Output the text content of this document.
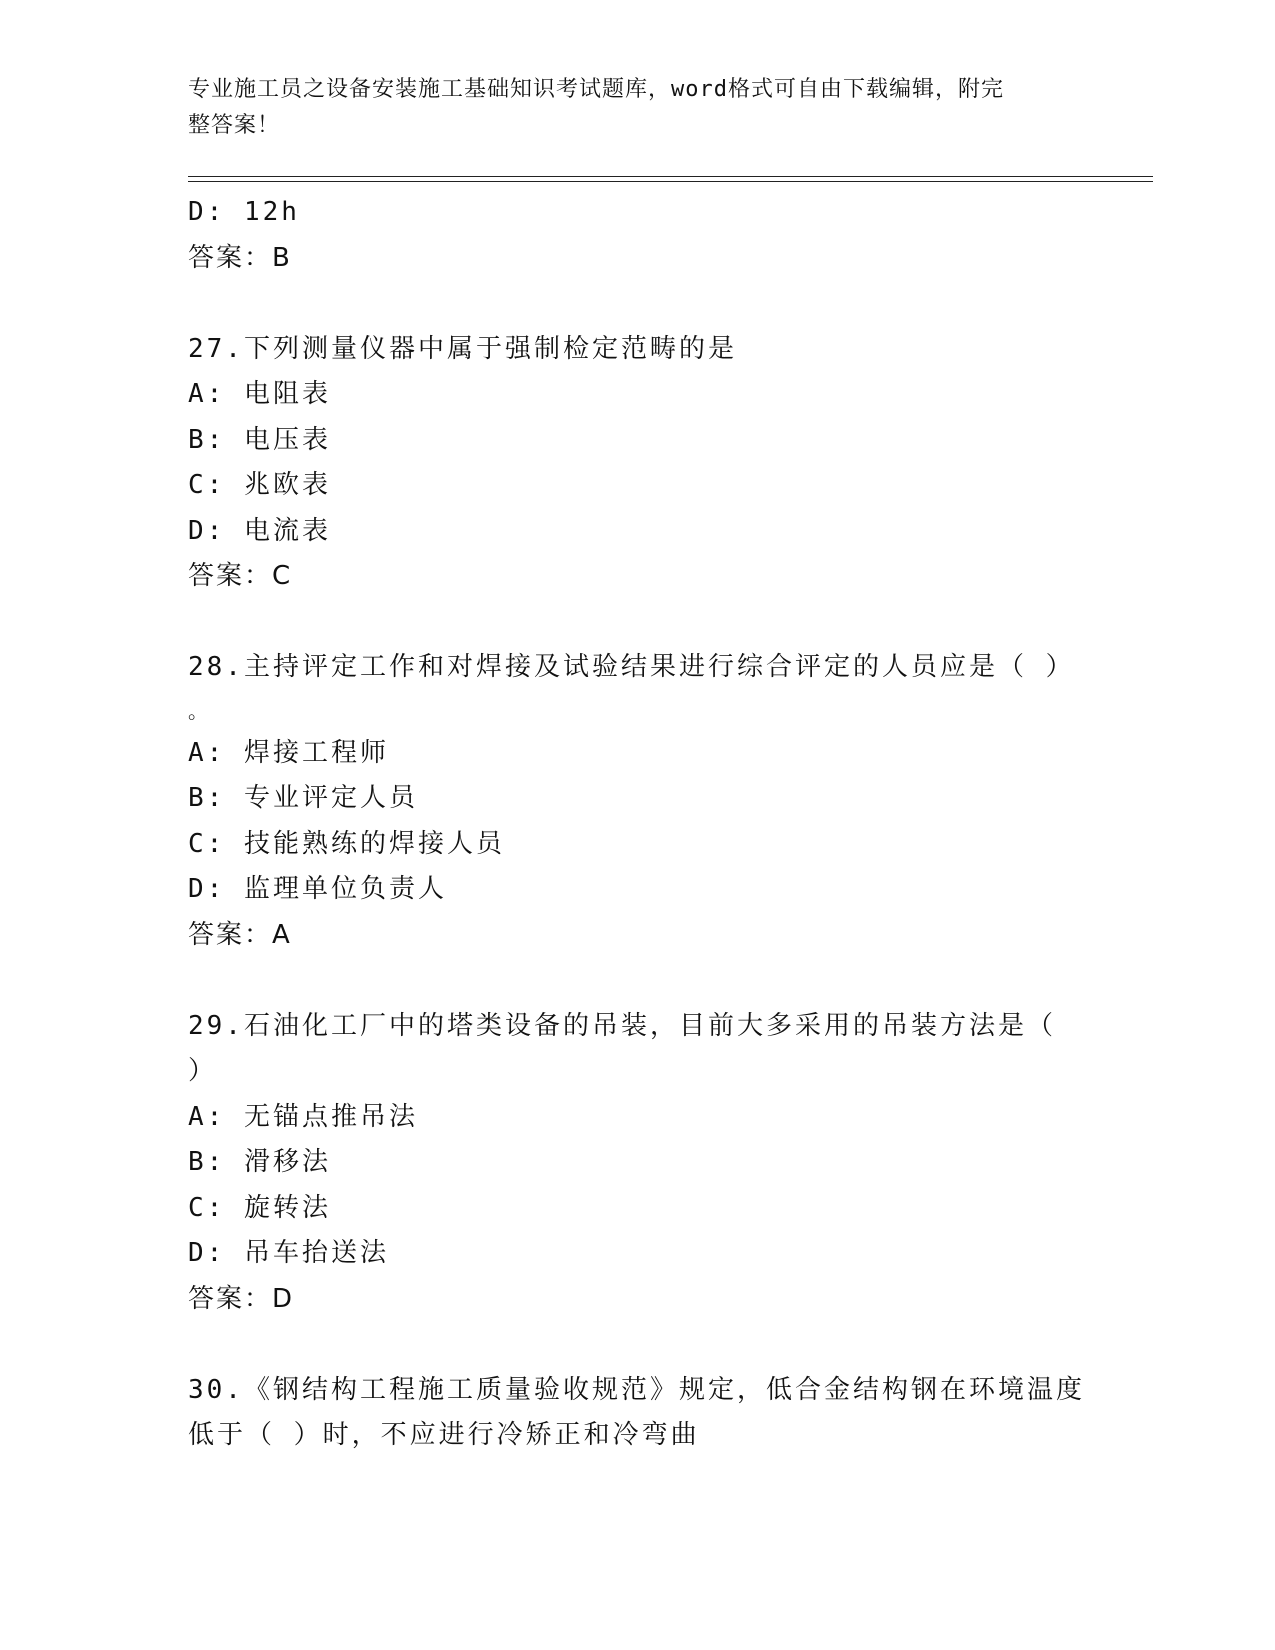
专业施工员之设备安装施工基础知识考试题库，word格式可自由下载编辑，附完
整答案！
D: 12h
答案：B
27.下列测量仪器中属于强制检定范畴的是
A: 电阻表
B: 电压表
C: 兆欧表
D: 电流表
答案：C
28.主持评定工作和对焊接及试验结果进行综合评定的人员应是（ ）
。
A: 焊接工程师
B: 专业评定人员
C: 技能熟练的焊接人员
D: 监理单位负责人
答案：A
29.石油化工厂中的塔类设备的吊装，目前大多采用的吊装方法是（
）
A: 无锚点推吊法
B: 滑移法
C: 旋转法
D: 吊车抬送法
答案：D
30.《钢结构工程施工质量验收规范》规定，低合金结构钢在环境温度
低于（ ）时，不应进行冷矫正和冷弯曲
